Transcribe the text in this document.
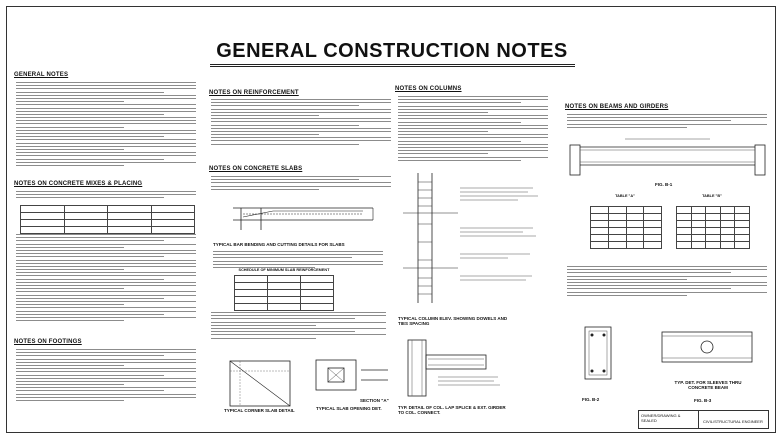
GENERAL CONSTRUCTION NOTES
GENERAL NOTES
NOTES ON CONCRETE MIXES & PLACING

NOTES ON FOOTINGS
NOTES ON REINFORCEMENT
NOTES ON CONCRETE SLABS
TYPICAL BAR BENDING AND CUTTING DETAILS FOR SLABS
SCHEDULE OF MINIMUM SLAB REINFORCEMENT

TYPICAL CORNER SLAB DETAIL	TYPICAL SLAB OPENING DET.
SECTION "A"
NOTES ON COLUMNS
TYPICAL COLUMN ELEV. SHOWING DOWELS AND TIES SPACING
TYP. DETAIL OF COL. LAP SPLICE & EXT. GIRDER TO COL. CONNECT.
NOTES ON BEAMS AND GIRDERS
FIG. B-1
TABLE "A"

				TABLE "B"

FIG. B-2
TYP. DET. FOR SLEEVES THRU CONCRETE BEAM
FIG. B-3
OWNER/DRAWING & SEALED	CIVIL/STRUCTURAL ENGINEER
